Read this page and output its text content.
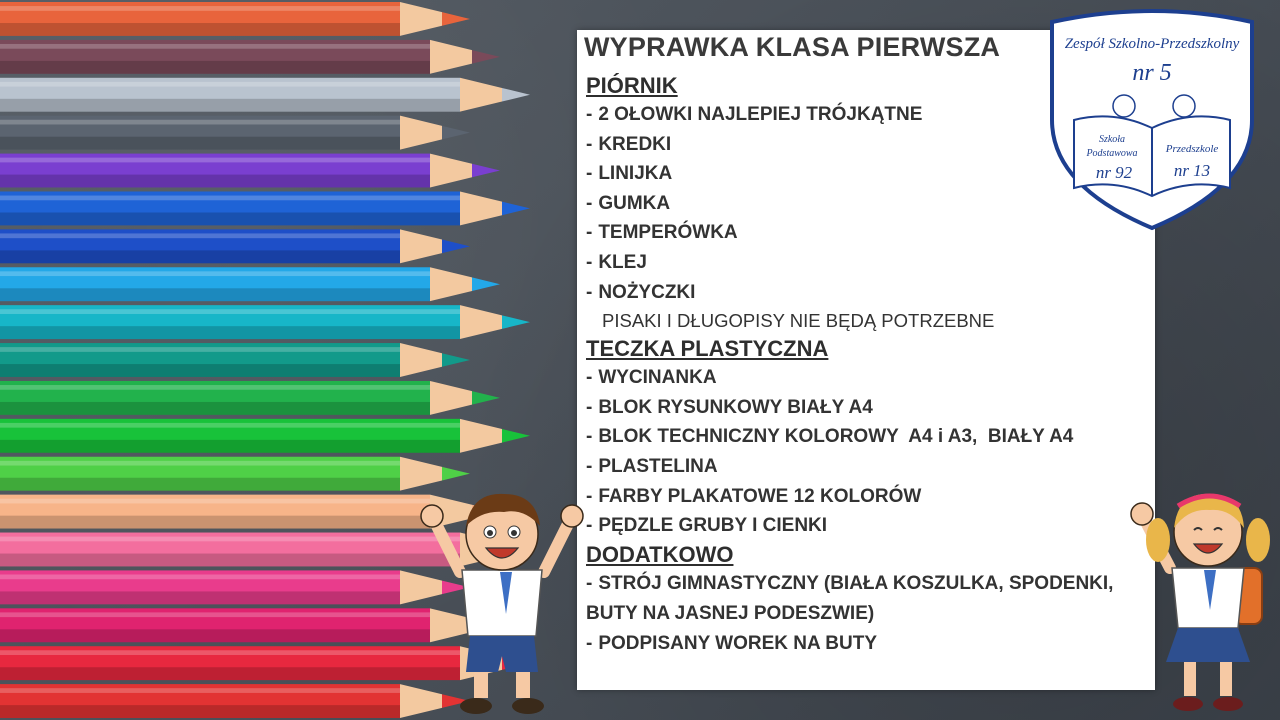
WYPRAWKA KLASA PIERWSZA
PIÓRNIK
- 2 OŁOWKI NAJLEPIEJ TRÓJKĄTNE
- KREDKI
- LINIJKA
- GUMKA
- TEMPERÓWKA
- KLEJ
- NOŻYCZKI
PISAKI I DŁUGOPISY NIE BĘDĄ POTRZEBNE
TECZKA PLASTYCZNA
- WYCINANKA
- BLOK RYSUNKOWY BIAŁY A4
- BLOK TECHNICZNY KOLOROWY  A4 i A3,  BIAŁY A4
- PLASTELINA
- FARBY PLAKATOWE 12 KOLORÓW
- PĘDZLE GRUBY I CIENKI
DODATKOWO
- STRÓJ GIMNASTYCZNY (BIAŁA KOSZULKA, SPODENKI, BUTY NA JASNEJ PODESZWIE)
- PODPISANY WOREK NA BUTY
Zespół Szkolno-Przedszkolny
nr 5
Szkoła
Podstawowa
nr 92
Przedszkole
nr 13
